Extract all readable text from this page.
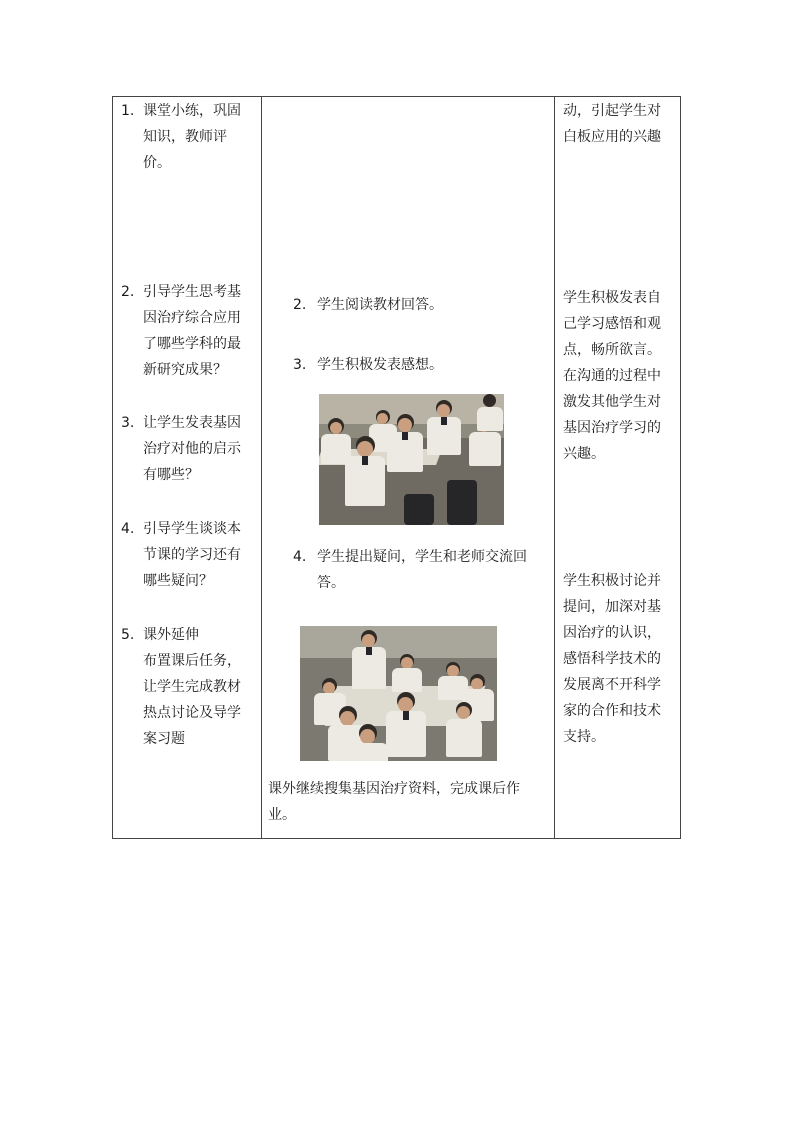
1. 课堂小练，巩固
知识，教师评
价。
2. 引导学生思考基
因治疗综合应用
了哪些学科的最
新研究成果？
3. 让学生发表基因
治疗对他的启示
有哪些？
4. 引导学生谈谈本
节课的学习还有
哪些疑问？
5. 课外延伸
布置课后任务，
让学生完成教材
热点讨论及导学
案习题
2. 学生阅读教材回答。
3. 学生积极发表感想。
4. 学生提出疑问，学生和老师交流回
答。
课外继续搜集基因治疗资料，完成课后作
业。
动，引起学生对
白板应用的兴趣
学生积极发表自
己学习感悟和观
点，畅所欲言。
在沟通的过程中
激发其他学生对
基因治疗学习的
兴趣。
学生积极讨论并
提问，加深对基
因治疗的认识，
感悟科学技术的
发展离不开科学
家的合作和技术
支持。
